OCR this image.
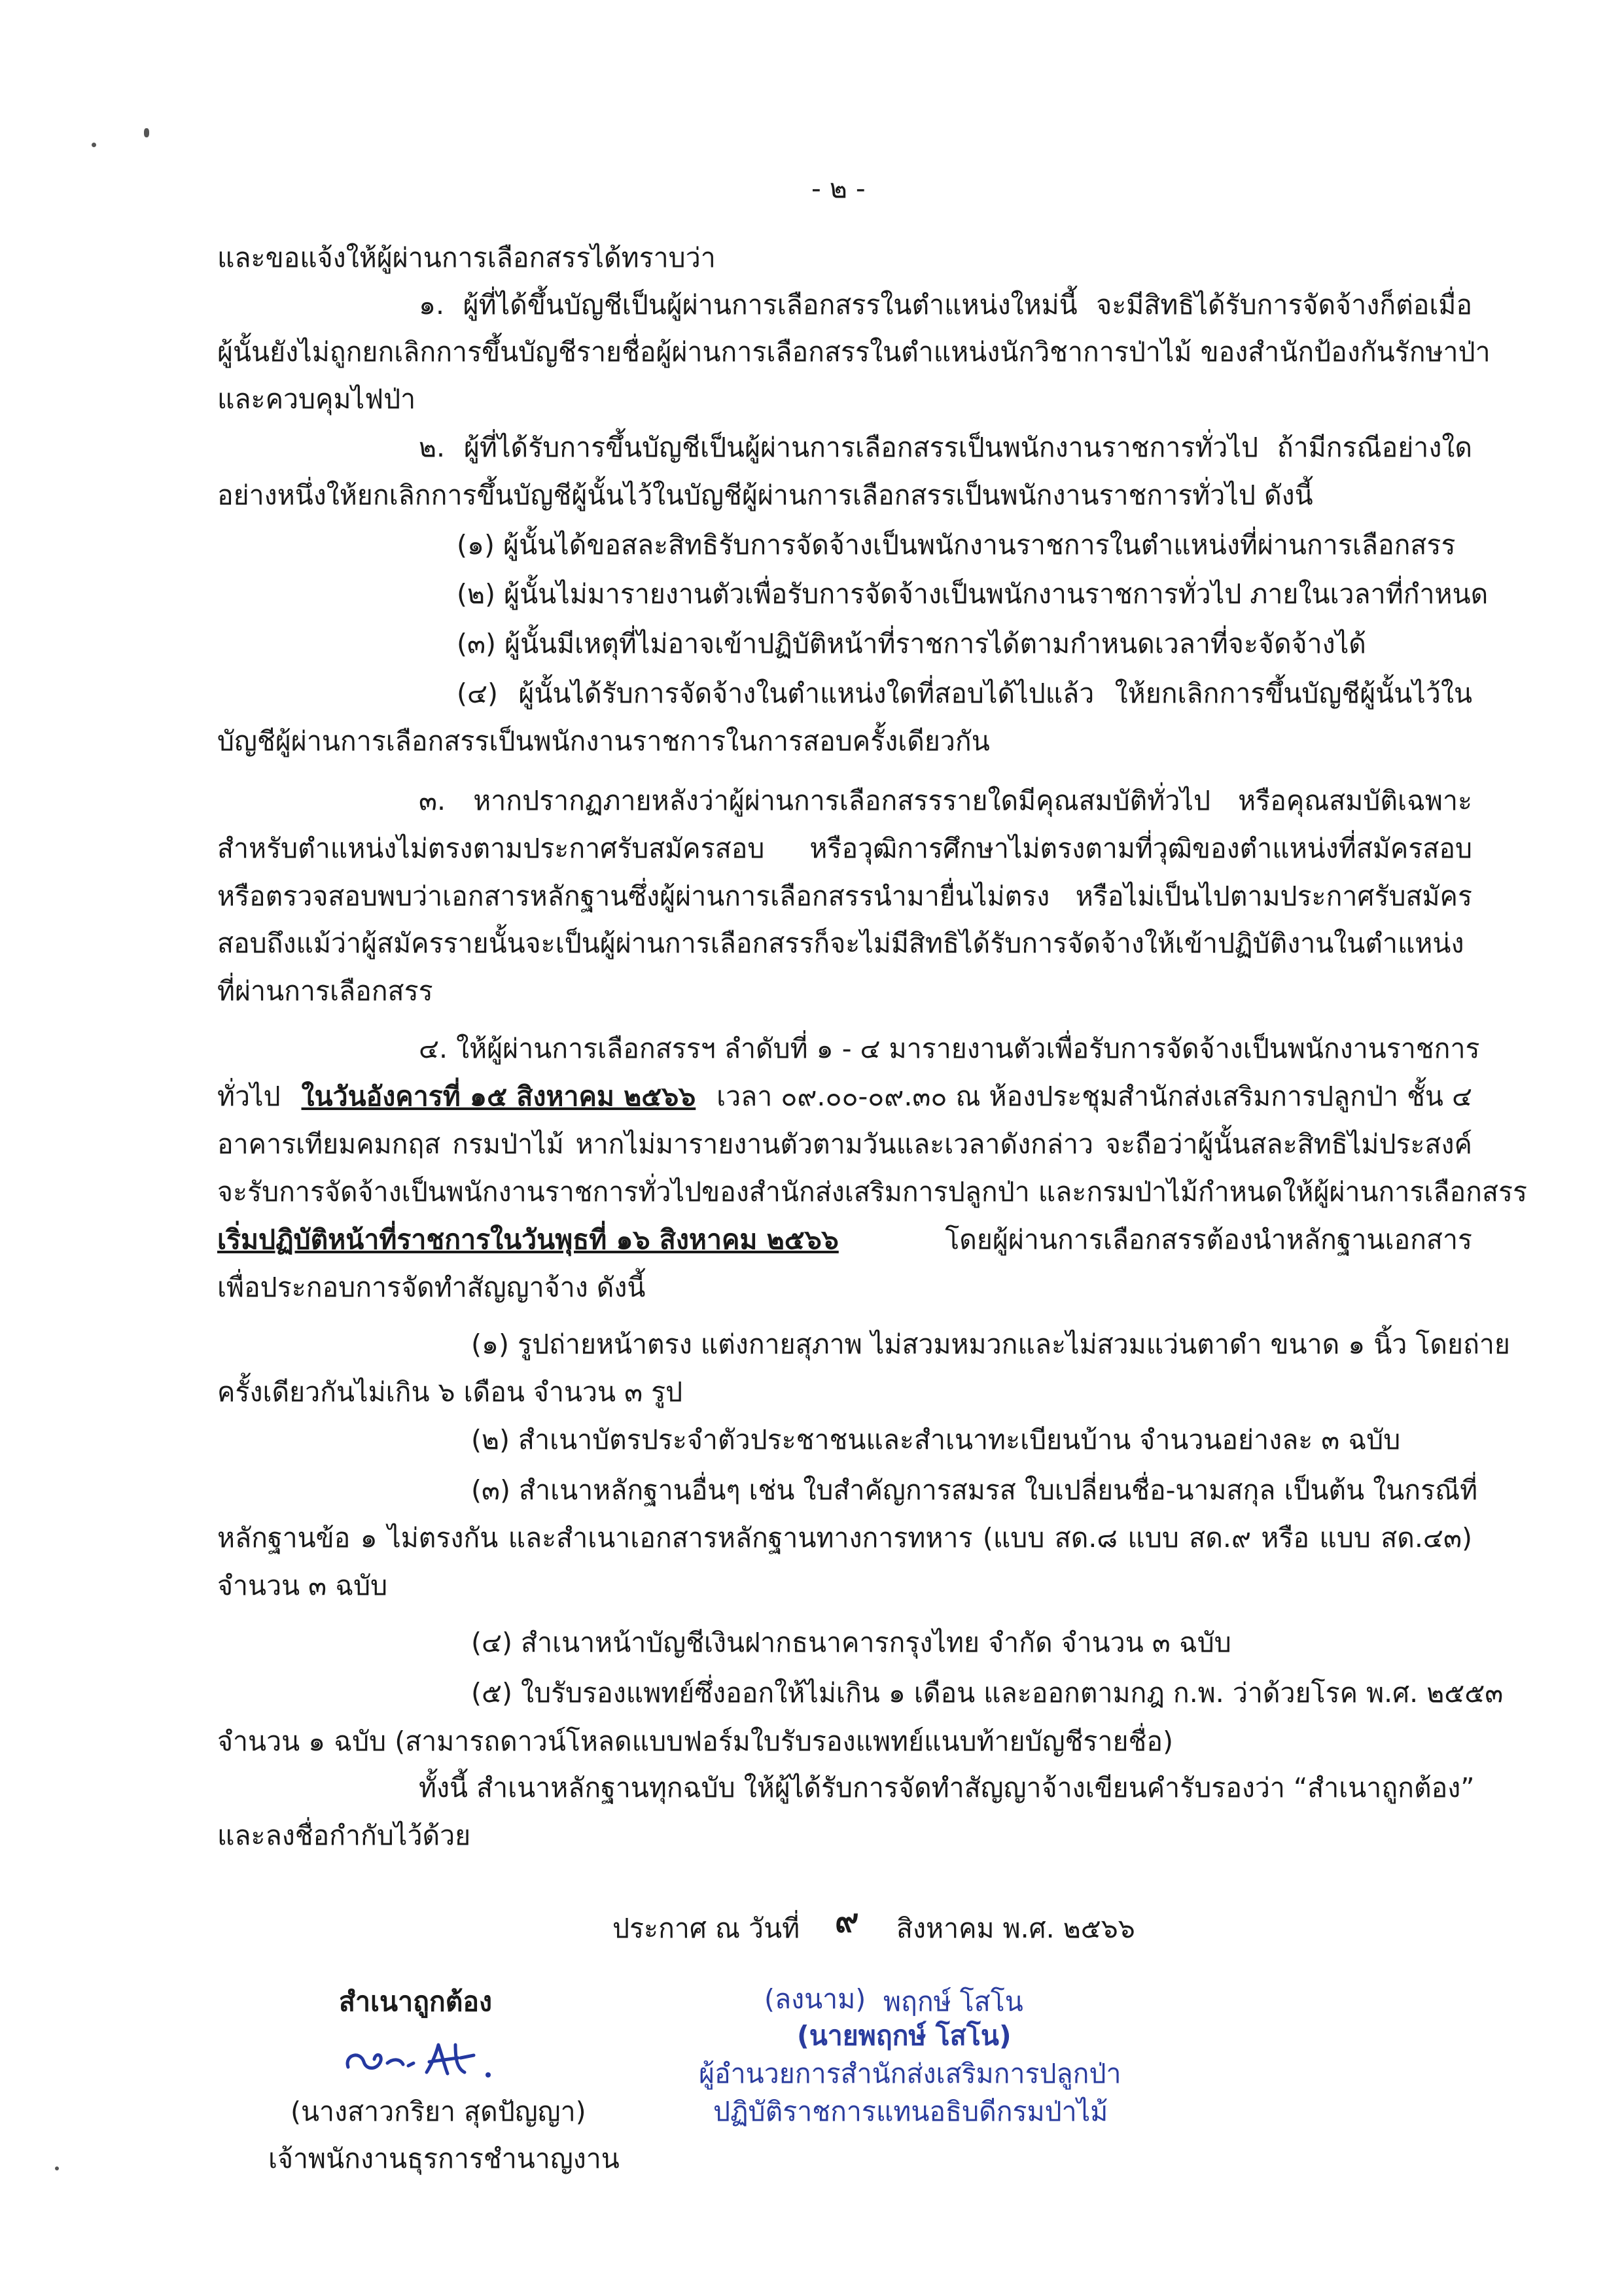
- ๒ -
และขอแจ้งให้ผู้ผ่านการเลือกสรรได้ทราบว่า
๑. ผู้ที่ได้ขึ้นบัญชีเป็นผู้ผ่านการเลือกสรรในตำแหน่งใหม่นี้ จะมีสิทธิได้รับการจัดจ้างก็ต่อเมื่อ
ผู้นั้นยังไม่ถูกยกเลิกการขึ้นบัญชีรายชื่อผู้ผ่านการเลือกสรรในตำแหน่งนักวิชาการป่าไม้ ของสำนักป้องกันรักษาป่า
และควบคุมไฟป่า
๒. ผู้ที่ได้รับการขึ้นบัญชีเป็นผู้ผ่านการเลือกสรรเป็นพนักงานราชการทั่วไป ถ้ามีกรณีอย่างใด
อย่างหนึ่งให้ยกเลิกการขึ้นบัญชีผู้นั้นไว้ในบัญชีผู้ผ่านการเลือกสรรเป็นพนักงานราชการทั่วไป ดังนี้
(๑) ผู้นั้นได้ขอสละสิทธิรับการจัดจ้างเป็นพนักงานราชการในตำแหน่งที่ผ่านการเลือกสรร
(๒) ผู้นั้นไม่มารายงานตัวเพื่อรับการจัดจ้างเป็นพนักงานราชการทั่วไป ภายในเวลาที่กำหนด
(๓) ผู้นั้นมีเหตุที่ไม่อาจเข้าปฏิบัติหน้าที่ราชการได้ตามกำหนดเวลาที่จะจัดจ้างได้
(๔) ผู้นั้นได้รับการจัดจ้างในตำแหน่งใดที่สอบได้ไปแล้ว ให้ยกเลิกการขึ้นบัญชีผู้นั้นไว้ใน
บัญชีผู้ผ่านการเลือกสรรเป็นพนักงานราชการในการสอบครั้งเดียวกัน
๓. หากปรากฏภายหลังว่าผู้ผ่านการเลือกสรรรายใดมีคุณสมบัติทั่วไป หรือคุณสมบัติเฉพาะ
สำหรับตำแหน่งไม่ตรงตามประกาศรับสมัครสอบ หรือวุฒิการศึกษาไม่ตรงตามที่วุฒิของตำแหน่งที่สมัครสอบ
หรือตรวจสอบพบว่าเอกสารหลักฐานซึ่งผู้ผ่านการเลือกสรรนำมายื่นไม่ตรง หรือไม่เป็นไปตามประกาศรับสมัคร
สอบถึงแม้ว่าผู้สมัครรายนั้นจะเป็นผู้ผ่านการเลือกสรรก็จะไม่มีสิทธิได้รับการจัดจ้างให้เข้าปฏิบัติงานในตำแหน่ง
ที่ผ่านการเลือกสรร
๔. ให้ผู้ผ่านการเลือกสรรฯ ลำดับที่ ๑ - ๔ มารายงานตัวเพื่อรับการจัดจ้างเป็นพนักงานราชการ
ทั่วไป ในวันอังคารที่ ๑๕ สิงหาคม ๒๕๖๖ เวลา ๐๙.๐๐-๐๙.๓๐ ณ ห้องประชุมสำนักส่งเสริมการปลูกป่า ชั้น ๔
อาคารเทียมคมกฤส กรมป่าไม้ หากไม่มารายงานตัวตามวันและเวลาดังกล่าว จะถือว่าผู้นั้นสละสิทธิไม่ประสงค์
จะรับการจัดจ้างเป็นพนักงานราชการทั่วไปของสำนักส่งเสริมการปลูกป่า และกรมป่าไม้กำหนดให้ผู้ผ่านการเลือกสรร
เริ่มปฏิบัติหน้าที่ราชการในวันพุธที่ ๑๖ สิงหาคม ๒๕๖๖	โดยผู้ผ่านการเลือกสรรต้องนำหลักฐานเอกสาร
เพื่อประกอบการจัดทำสัญญาจ้าง ดังนี้
(๑) รูปถ่ายหน้าตรง แต่งกายสุภาพ ไม่สวมหมวกและไม่สวมแว่นตาดำ ขนาด ๑ นิ้ว โดยถ่าย
ครั้งเดียวกันไม่เกิน ๖ เดือน จำนวน ๓ รูป
(๒) สำเนาบัตรประจำตัวประชาชนและสำเนาทะเบียนบ้าน จำนวนอย่างละ ๓ ฉบับ
(๓) สำเนาหลักฐานอื่นๆ เช่น ใบสำคัญการสมรส ใบเปลี่ยนชื่อ-นามสกุล เป็นต้น ในกรณีที่
หลักฐานข้อ ๑ ไม่ตรงกัน และสำเนาเอกสารหลักฐานทางการทหาร (แบบ สด.๘ แบบ สด.๙ หรือ แบบ สด.๔๓)
จำนวน ๓ ฉบับ
(๔) สำเนาหน้าบัญชีเงินฝากธนาคารกรุงไทย จำกัด จำนวน ๓ ฉบับ
(๕) ใบรับรองแพทย์ซึ่งออกให้ไม่เกิน ๑ เดือน และออกตามกฎ ก.พ. ว่าด้วยโรค พ.ศ. ๒๕๕๓
จำนวน ๑ ฉบับ (สามารถดาวน์โหลดแบบฟอร์มใบรับรองแพทย์แนบท้ายบัญชีรายชื่อ)
ทั้งนี้ สำเนาหลักฐานทุกฉบับ ให้ผู้ได้รับการจัดทำสัญญาจ้างเขียนคำรับรองว่า “สำเนาถูกต้อง”
และลงชื่อกำกับไว้ด้วย
ประกาศ ณ วันที่ ๙ สิงหาคม พ.ศ. ๒๕๖๖
สำเนาถูกต้อง
(นางสาวกริยา สุดปัญญา)
เจ้าพนักงานธุรการชำนาญงาน
(ลงนาม) พฤกษ์ โสโน
(นายพฤกษ์ โสโน)
ผู้อำนวยการสำนักส่งเสริมการปลูกป่า
ปฏิบัติราชการแทนอธิบดีกรมป่าไม้
